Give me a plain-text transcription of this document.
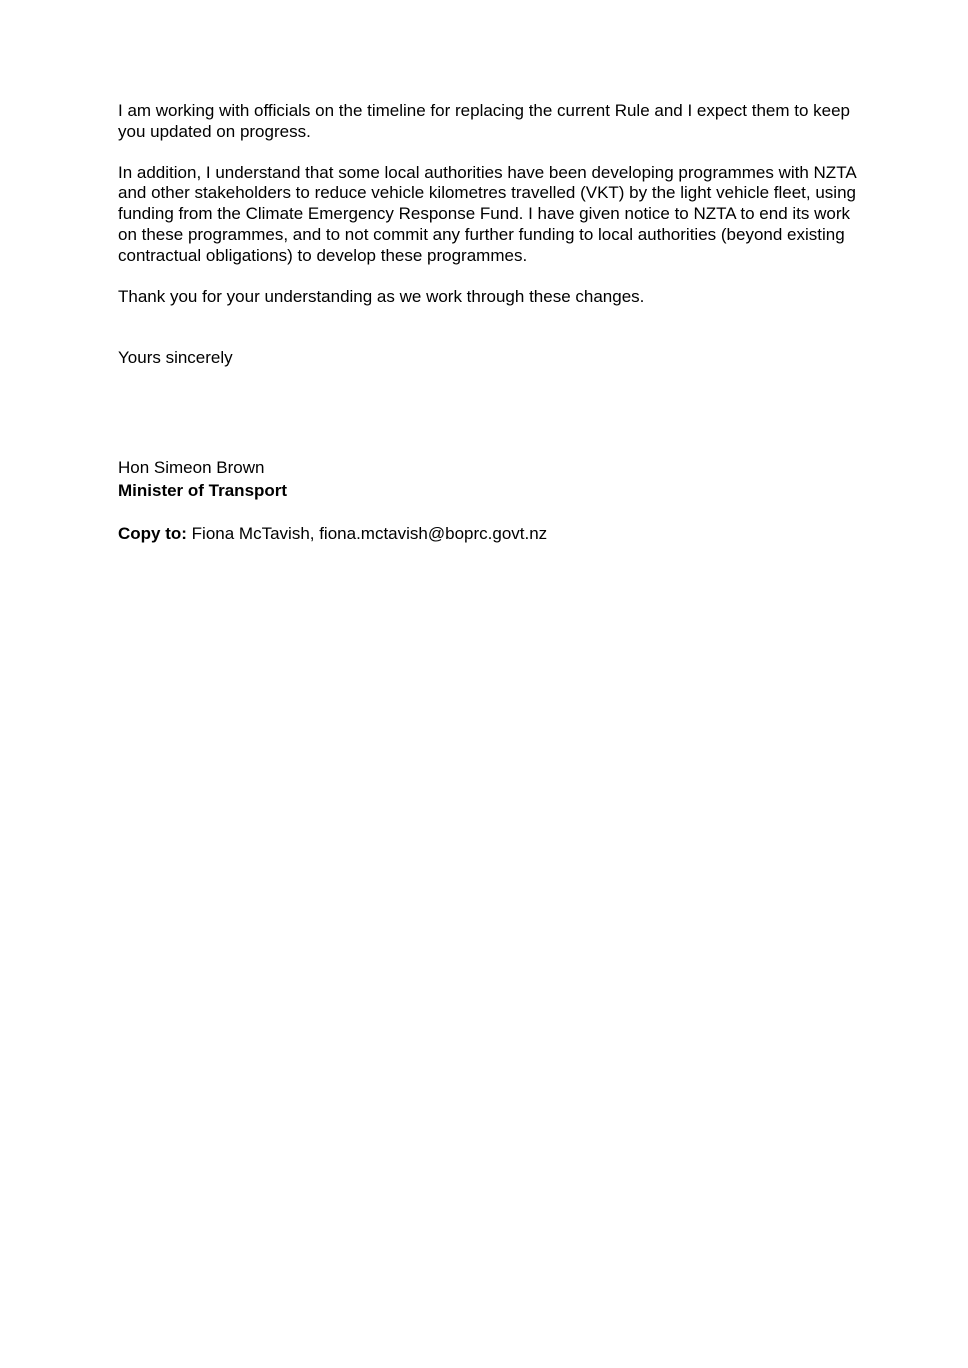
I am working with officials on the timeline for replacing the current Rule and I expect them to keep you updated on progress.

In addition, I understand that some local authorities have been developing programmes with NZTA and other stakeholders to reduce vehicle kilometres travelled (VKT) by the light vehicle fleet, using funding from the Climate Emergency Response Fund. I have given notice to NZTA to end its work on these programmes, and to not commit any further funding to local authorities (beyond existing contractual obligations) to develop these programmes.

Thank you for your understanding as we work through these changes.

Yours sincerely

Hon Simeon Brown

Minister of Transport

Copy to: Fiona McTavish, fiona.mctavish@boprc.govt.nz
